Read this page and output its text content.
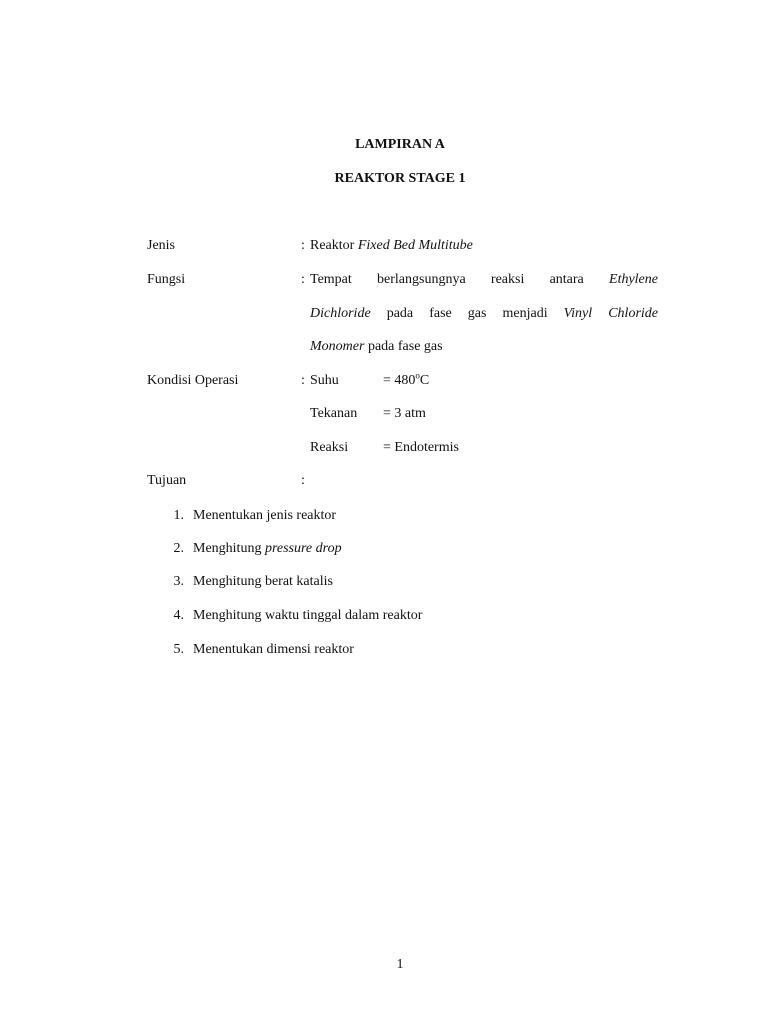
LAMPIRAN A
REAKTOR STAGE 1
Jenis	: Reaktor Fixed Bed Multitube
Fungsi	: Tempat berlangsungnya reaksi antara Ethylene
Dichloride pada fase gas menjadi Vinyl Chloride
Monomer pada fase gas
Kondisi Operasi	: Suhu	= $480^oC$
Tekanan = 3 atm
Reaksi = Endotermis
Tujuan	:
1. Menentukan jenis reaktor
2. Menghitung pressure drop
3. Menghitung berat katalis
4. Menghitung waktu tinggal dalam reaktor
5. Menentukan dimensi reaktor
1
